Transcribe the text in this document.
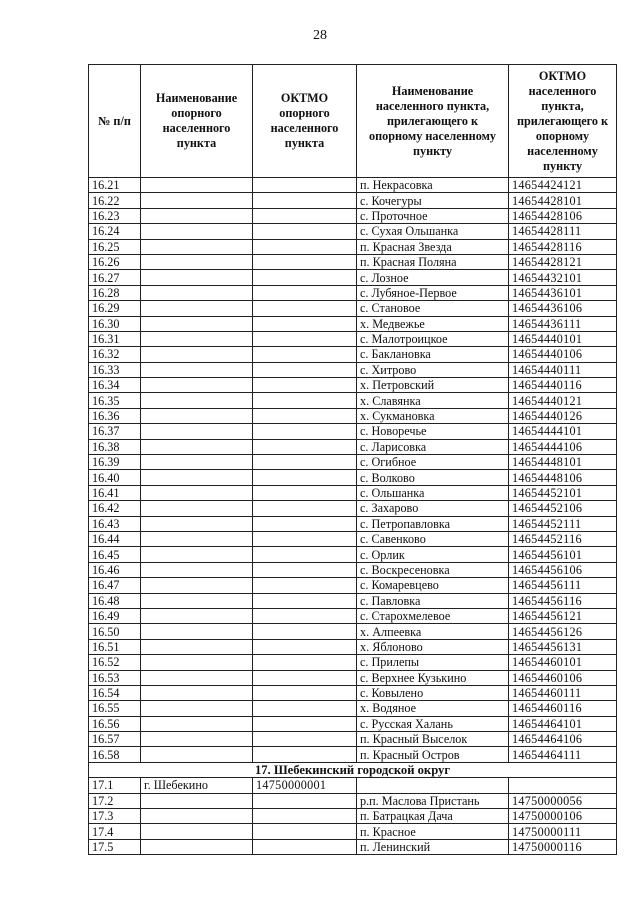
28
№ п/п	Наименование опорного населенного пункта	ОКТМО опорного населенного пункта	Наименование населенного пункта, прилегающего к опорному населенному пункту	ОКТМО населенного пункта, прилегающего к опорному населенному пункту
16.21			п. Некрасовка	14654424121
16.22			с. Кочегуры	14654428101
16.23			с. Проточное	14654428106
16.24			с. Сухая Ольшанка	14654428111
16.25			п. Красная Звезда	14654428116
16.26			п. Красная Поляна	14654428121
16.27			с. Лозное	14654432101
16.28			с. Лубяное-Первое	14654436101
16.29			с. Становое	14654436106
16.30			х. Медвежье	14654436111
16.31			с. Малотроицкое	14654440101
16.32			с. Баклановка	14654440106
16.33			с. Хитрово	14654440111
16.34			х. Петровский	14654440116
16.35			х. Славянка	14654440121
16.36			х. Сукмановка	14654440126
16.37			с. Новоречье	14654444101
16.38			с. Ларисовка	14654444106
16.39			с. Огибное	14654448101
16.40			с. Волково	14654448106
16.41			с. Ольшанка	14654452101
16.42			с. Захарово	14654452106
16.43			с. Петропавловка	14654452111
16.44			с. Савенково	14654452116
16.45			с. Орлик	14654456101
16.46			с. Воскресеновка	14654456106
16.47			с. Комаревцево	14654456111
16.48			с. Павловка	14654456116
16.49			с. Старохмелевое	14654456121
16.50			х. Алпеевка	14654456126
16.51			х. Яблоново	14654456131
16.52			с. Прилепы	14654460101
16.53			с. Верхнее Кузькино	14654460106
16.54			с. Ковылено	14654460111
16.55			х. Водяное	14654460116
16.56			с. Русская Халань	14654464101
16.57			п. Красный Выселок	14654464106
16.58			п. Красный Остров	14654464111
17. Шебекинский городской округ				
17.1	г. Шебекино	14750000001		
17.2			р.п. Маслова Пристань	14750000056
17.3			п. Батрацкая Дача	14750000106
17.4			п. Красное	14750000111
17.5			п. Ленинский	14750000116
